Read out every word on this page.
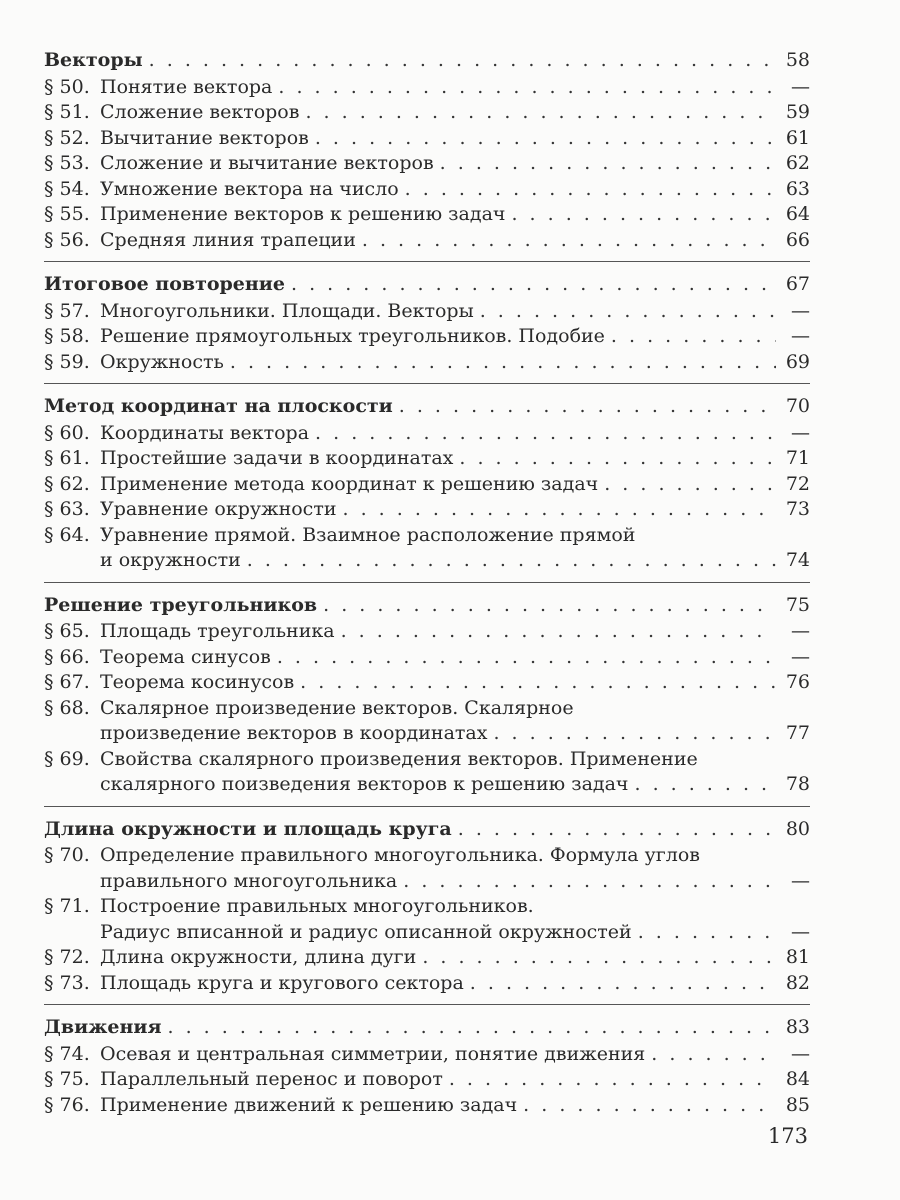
Векторы . . .	58
§ 50. Понятие вектора . . .	—
§ 51. Сложение векторов . . .	59
§ 52. Вычитание векторов . . .	61
§ 53. Сложение и вычитание векторов . . .	62
§ 54. Умножение вектора на число . . .	63
§ 55. Применение векторов к решению задач . . .	64
§ 56. Средняя линия трапеции . . .	66
Итоговое повторение . . .	67
§ 57. Многоугольники. Площади. Векторы . . .	—
§ 58. Решение прямоугольных треугольников. Подобие . . .	—
§ 59. Окружность . . .	69
Метод координат на плоскости . . .	70
§ 60. Координаты вектора . . .	—
§ 61. Простейшие задачи в координатах . . .	71
§ 62. Применение метода координат к решению задач . . .	72
§ 63. Уравнение окружности . . .	73
§ 64. Уравнение прямой. Взаимное расположение прямой
и окружности . . .	74
Решение треугольников . . .	75
§ 65. Площадь треугольника . . .	—
§ 66. Теорема синусов . . .	—
§ 67. Теорема косинусов . . .	76
§ 68. Скалярное произведение векторов. Скалярное
произведение векторов в координатах . . .	77
§ 69. Свойства скалярного произведения векторов. Применение
скалярного поизведения векторов к решению задач . . .	78
Длина окружности и площадь круга . . .	80
§ 70. Определение правильного многоугольника. Формула углов
правильного многоугольника . . .	—
§ 71. Построение правильных многоугольников.
Радиус вписанной и радиус описанной окружностей . . .	—
§ 72. Длина окружности, длина дуги . . .	81
§ 73. Площадь круга и кругового сектора . . .	82
Движения . . .	83
§ 74. Осевая и центральная симметрии, понятие движения . . .	—
§ 75. Параллельный перенос и поворот . . .	84
§ 76. Применение движений к решению задач . . .	85
173
